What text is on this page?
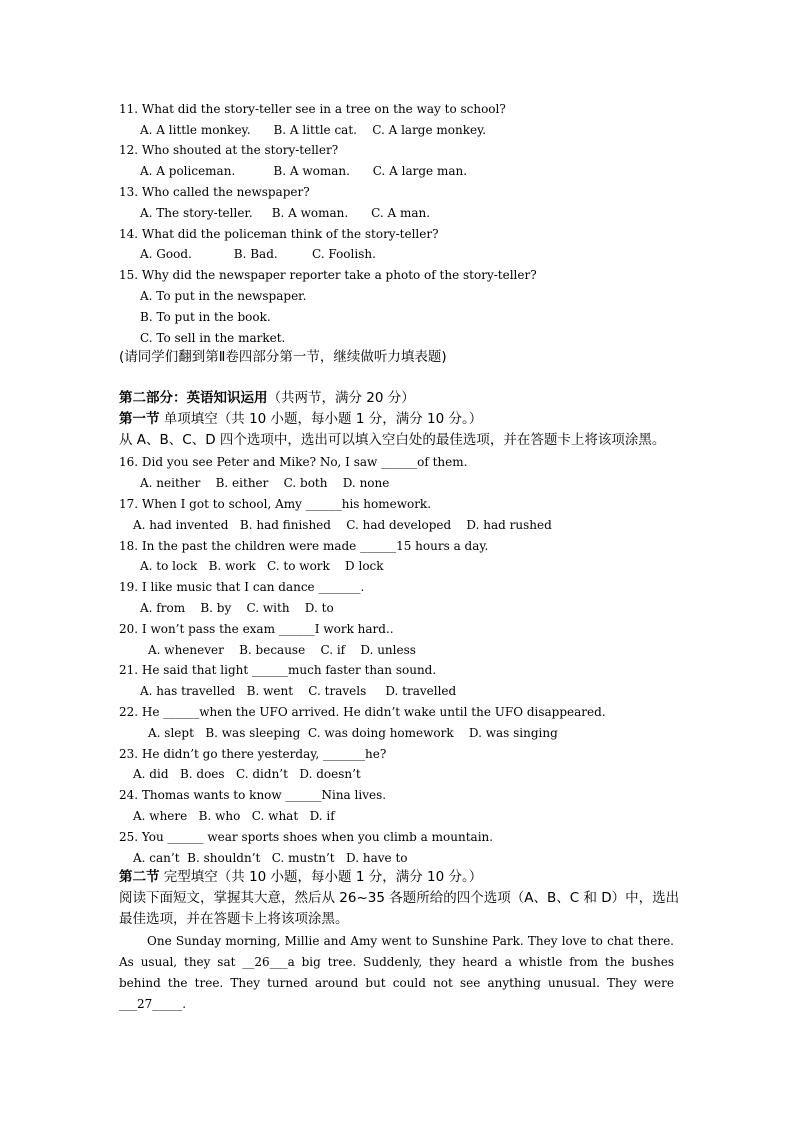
11. What did the story-teller see in a tree on the way to school?
A. A little monkey.      B. A little cat.    C. A large monkey.
12. Who shouted at the story-teller?
A. A policeman.          B. A woman.      C. A large man.
13. Who called the newspaper?
A. The story-teller.     B. A woman.      C. A man.
14. What did the policeman think of the story-teller?
A. Good.           B. Bad.         C. Foolish.
15. Why did the newspaper reporter take a photo of the story-teller?
A. To put in the newspaper.
B. To put in the book.
C. To sell in the market.
(请同学们翻到第Ⅱ卷四部分第一节，继续做听力填表题)
第二部分：英语知识运用（共两节，满分 20 分）
第一节 单项填空（共 10 小题，每小题 1 分，满分 10 分。）
从 A、B、C、D 四个选项中，选出可以填入空白处的最佳选项，并在答题卡上将该项涂黑。
16. Did you see Peter and Mike? No, I saw ______of them.
A. neither    B. either    C. both    D. none
17. When I got to school, Amy ______his homework.
A. had invented   B. had finished    C. had developed    D. had rushed
18. In the past the children were made ______15 hours a day.
A. to lock   B. work   C. to work    D lock
19. I like music that I can dance _______.
A. from    B. by    C. with    D. to
20. I won’t pass the exam ______I work hard..
A. whenever    B. because    C. if    D. unless
21. He said that light ______much faster than sound.
A. has travelled   B. went    C. travels     D. travelled
22. He ______when the UFO arrived. He didn’t wake until the UFO disappeared.
A. slept   B. was sleeping  C. was doing homework    D. was singing
23. He didn’t go there yesterday, _______he?
A. did   B. does   C. didn’t   D. doesn’t
24. Thomas wants to know ______Nina lives.
A. where   B. who   C. what   D. if
25. You ______ wear sports shoes when you climb a mountain.
A. can’t  B. shouldn’t   C. mustn’t   D. have to
第二节 完型填空（共 10 小题，每小题 1 分，满分 10 分。）
阅读下面短文，掌握其大意，然后从 26~35 各题所给的四个选项（A、B、C 和 D）中，选出
最佳选项，并在答题卡上将该项涂黑。
One Sunday morning, Millie and Amy went to Sunshine Park. They love to chat there. As usual, they sat __26___a big tree. Suddenly, they heard a whistle from the bushes behind the tree. They turned around but could not see anything unusual. They were ___27_____.
